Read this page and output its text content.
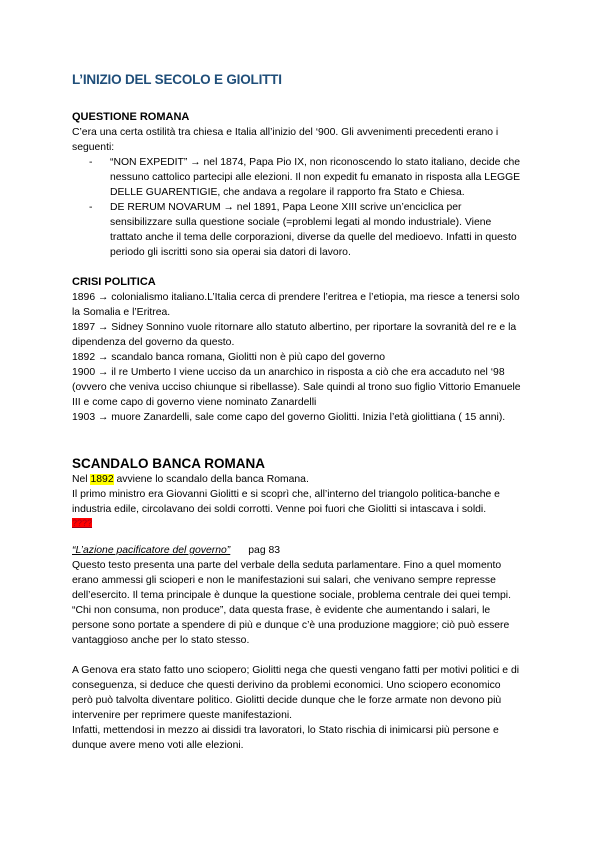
L’INIZIO DEL SECOLO E GIOLITTI
QUESTIONE ROMANA

C’era una certa ostilità tra chiesa e Italia all’inizio del ‘900. Gli avvenimenti precedenti erano i seguenti:

- “NON EXPEDIT” → nel 1874, Papa Pio IX, non riconoscendo lo stato italiano, decide che nessuno cattolico partecipi alle elezioni. Il non expedit fu emanato in risposta alla LEGGE DELLE GUARENTIGIE, che andava a regolare il rapporto fra Stato e Chiesa.
- DE RERUM NOVARUM → nel 1891, Papa Leone XIII scrive un’enciclica per sensibilizzare sulla questione sociale (=problemi legati al mondo industriale). Viene trattato anche il tema delle corporazioni, diverse da quelle del medioevo. Infatti in questo periodo gli iscritti sono sia operai sia datori di lavoro.
CRISI POLITICA

1896 → colonialismo italiano.L’Italia cerca di prendere l’eritrea e l’etiopia, ma riesce a tenersi solo la Somalia e l’Eritrea.

1897 → Sidney Sonnino vuole ritornare allo statuto albertino, per riportare la sovranità del re e la dipendenza del governo da questo.

1892 → scandalo banca romana, Giolitti non è più capo del governo

1900 → il re Umberto I viene ucciso da un anarchico in risposta a ciò che era accaduto nel ‘98 (ovvero che veniva ucciso chiunque si ribellasse). Sale quindi al trono suo figlio Vittorio Emanuele III e come capo di governo viene nominato Zanardelli

1903 → muore Zanardelli, sale come capo del governo Giolitti. Inizia l’età giolittiana ( 15 anni).

SCANDALO BANCA ROMANA

Nel 1892 avviene lo scandalo della banca Romana.

Il primo ministro era Giovanni Giolitti e si scoprì che, all’interno del triangolo politica-banche e industria edile, circolavano dei soldi corrotti. Venne poi fuori che Giolitti si intascava i soldi.

????

“L’azione pacificatore del governo” pag 83

Questo testo presenta una parte del verbale della seduta parlamentare. Fino a quel momento erano ammessi gli scioperi e non le manifestazioni sui salari, che venivano sempre represse dell’esercito. Il tema principale è dunque la questione sociale, problema centrale dei quei tempi. “Chi non consuma, non produce”, data questa frase, è evidente che aumentando i salari, le persone sono portate a spendere di più e dunque c’è una produzione maggiore; ciò può essere vantaggioso anche per lo stato stesso.

A Genova era stato fatto uno sciopero; Giolitti nega che questi vengano fatti per motivi politici e di conseguenza, si deduce che questi derivino da problemi economici. Uno sciopero economico però può talvolta diventare politico. Giolitti decide dunque che le forze armate non devono più intervenire per reprimere queste manifestazioni.

Infatti, mettendosi in mezzo ai dissidi tra lavoratori, lo Stato rischia di inimicarsi più persone e dunque avere meno voti alle elezioni.
